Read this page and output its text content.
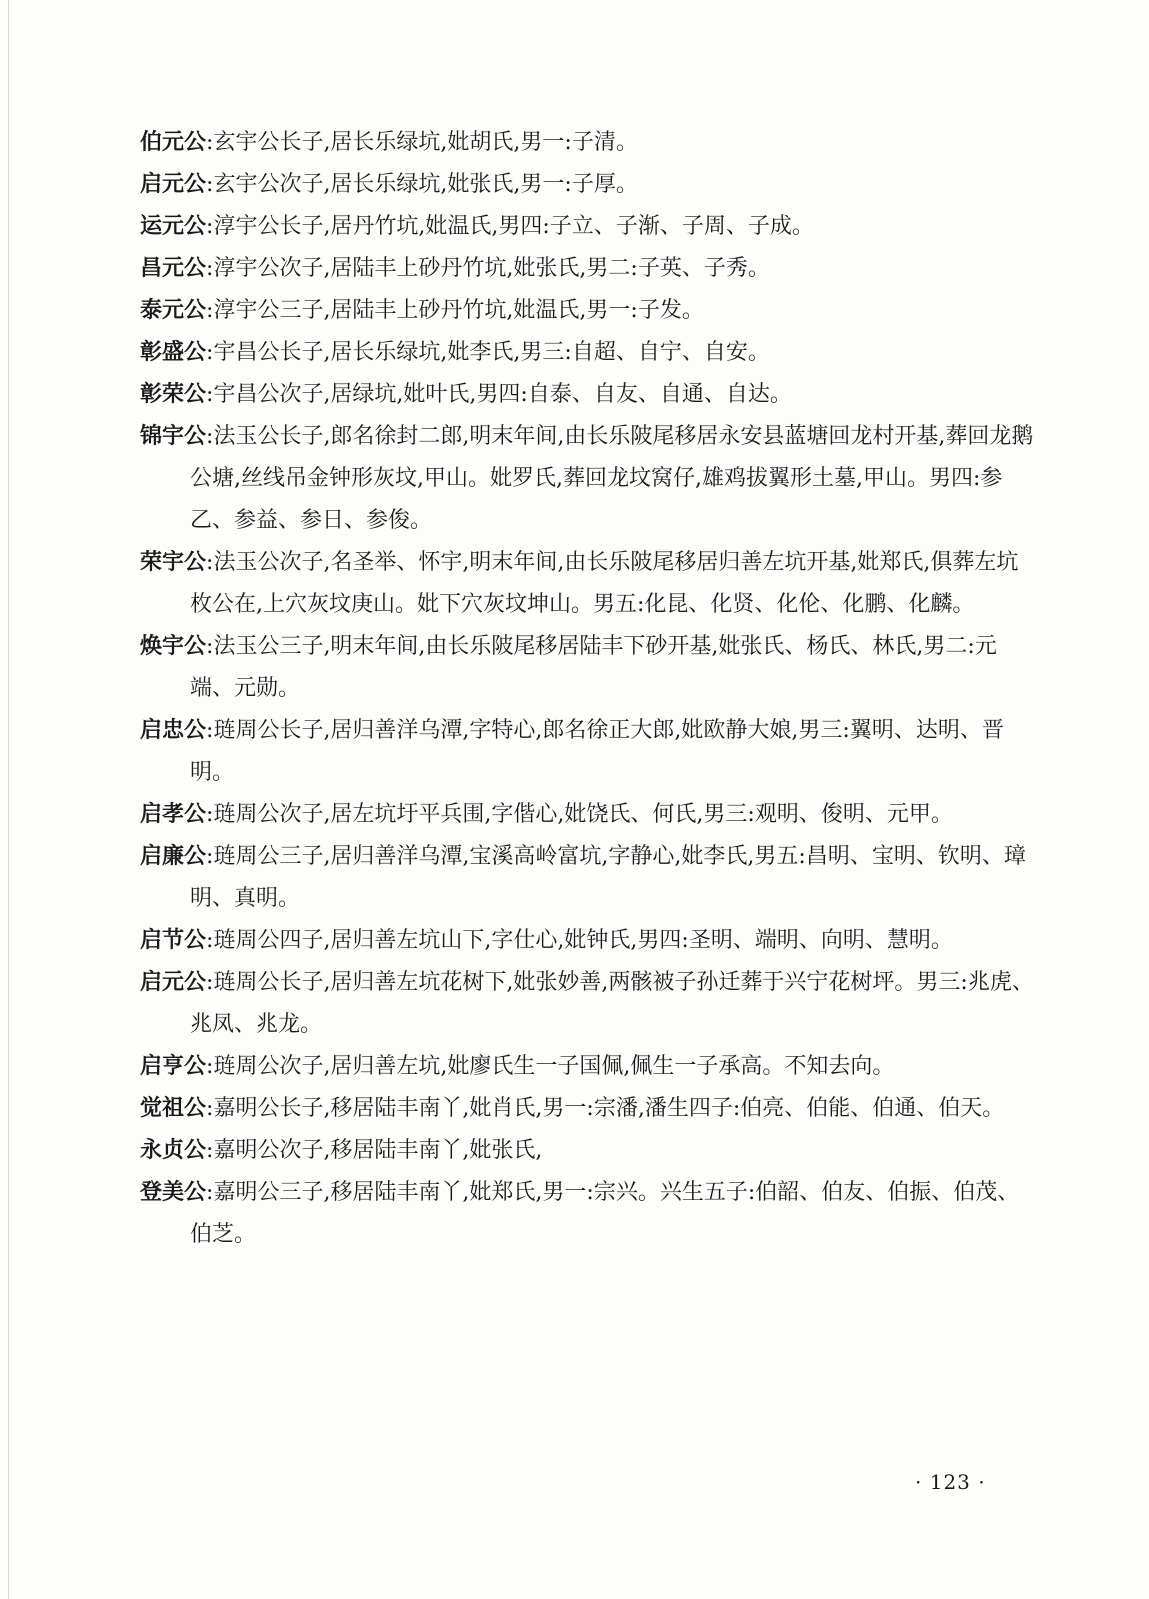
伯元公:玄宇公长子,居长乐绿坑,妣胡氏,男一:子清。
启元公:玄宇公次子,居长乐绿坑,妣张氏,男一:子厚。
运元公:淳宇公长子,居丹竹坑,妣温氏,男四:子立、子渐、子周、子成。
昌元公:淳宇公次子,居陆丰上砂丹竹坑,妣张氏,男二:子英、子秀。
泰元公:淳宇公三子,居陆丰上砂丹竹坑,妣温氏,男一:子发。
彰盛公:宇昌公长子,居长乐绿坑,妣李氏,男三:自超、自宁、自安。
彰荣公:宇昌公次子,居绿坑,妣叶氏,男四:自泰、自友、自通、自达。
锦宇公:法玉公长子,郎名徐封二郎,明末年间,由长乐陂尾移居永安县蓝塘回龙村开基,葬回龙鹅公塘,丝线吊金钟形灰坟,甲山。妣罗氏,葬回龙坟窝仔,雄鸡拔翼形土墓,甲山。男四:参乙、参益、参日、参俊。
荣宇公:法玉公次子,名圣举、怀宇,明末年间,由长乐陂尾移居归善左坑开基,妣郑氏,俱葬左坑枚公在,上穴灰坟庚山。妣下穴灰坟坤山。男五:化昆、化贤、化伦、化鹏、化麟。
焕宇公:法玉公三子,明末年间,由长乐陂尾移居陆丰下砂开基,妣张氏、杨氏、林氏,男二:元端、元勋。
启忠公:琏周公长子,居归善洋乌潭,字特心,郎名徐正大郎,妣欧静大娘,男三:翼明、达明、晋明。
启孝公:琏周公次子,居左坑圩平兵围,字偕心,妣饶氏、何氏,男三:观明、俊明、元甲。
启廉公:琏周公三子,居归善洋乌潭,宝溪高岭富坑,字静心,妣李氏,男五:昌明、宝明、钦明、璋明、真明。
启节公:琏周公四子,居归善左坑山下,字仕心,妣钟氏,男四:圣明、端明、向明、慧明。
启元公:琏周公长子,居归善左坑花树下,妣张妙善,两骸被子孙迁葬于兴宁花树坪。男三:兆虎、兆凤、兆龙。
启亨公:琏周公次子,居归善左坑,妣廖氏生一子国佩,佩生一子承高。不知去向。
觉祖公:嘉明公长子,移居陆丰南丫,妣肖氏,男一:宗潘,潘生四子:伯亮、伯能、伯通、伯天。
永贞公:嘉明公次子,移居陆丰南丫,妣张氏,
登美公:嘉明公三子,移居陆丰南丫,妣郑氏,男一:宗兴。兴生五子:伯韶、伯友、伯振、伯茂、伯芝。
· 123 ·
